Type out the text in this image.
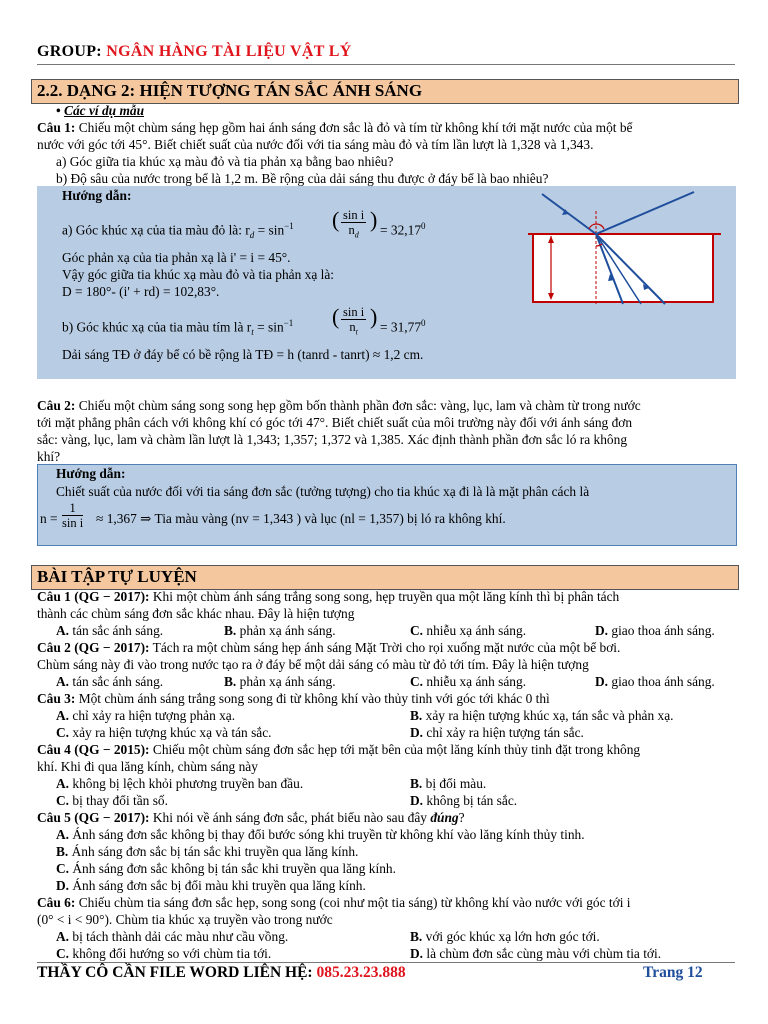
GROUP: NGÂN HÀNG TÀI LIỆU VẬT LÝ
2.2. DẠNG 2: HIỆN TƯỢNG TÁN SẮC ÁNH SÁNG
• Các ví dụ mẫu
Câu 1: Chiếu một chùm sáng hẹp gồm hai ánh sáng đơn sắc là đỏ và tím từ không khí tới mặt nước của một bể
nước với góc tới 45°. Biết chiết suất của nước đối với tia sáng màu đỏ và tím lần lượt là 1,328 và 1,343.
a) Góc giữa tia khúc xạ màu đỏ và tia phản xạ bằng bao nhiêu?
b) Độ sâu của nước trong bể là 1,2 m. Bề rộng của dải sáng thu được ở đáy bể là bao nhiêu?
Hướng dẫn:
a) Góc khúc xạ của tia màu đỏ là: $r_d = \sin^{-1}$ ( $\frac{\text{sin i}}{n_d}$ ) = $32,17^0$
Góc phản xạ của tia phản xạ là i' = i = 45°.
Vậy góc giữa tia khúc xạ màu đỏ và tia phản xạ là:
D = 180°- (i' + rd) = 102,83°.
b) Góc khúc xạ của tia màu tím là $r_t = \sin^{-1}$ ( $\frac{\text{sin i}}{n_t}$ ) = $31,77^0$
Dải sáng TĐ ở đáy bể có bề rộng là TĐ = h (tanrd - tanrt) ≈ 1,2 cm.
Câu 2: Chiếu một chùm sáng song song hẹp gồm bốn thành phần đơn sắc: vàng, lục, lam và chàm từ trong nước
tới mặt phẳng phân cách với không khí có góc tới 47°. Biết chiết suất của môi trường này đối với ánh sáng đơn
sắc: vàng, lục, lam và chàm lần lượt là 1,343; 1,357; 1,372 và 1,385. Xác định thành phần đơn sắc ló ra không
khí?
Hướng dẫn:
Chiết suất của nước đối với tia sáng đơn sắc (tưởng tượng) cho tia khúc xạ đi là là mặt phân cách là
$n = \frac{1}{\text{sin i}} \approx 1,367$ ⇒ Tia màu vàng (nv = 1,343 ) và lục (nl = 1,357) bị ló ra không khí.
BÀI TẬP TỰ LUYỆN
Câu 1 (QG − 2017): Khi một chùm ánh sáng trắng song song, hẹp truyền qua một lăng kính thì bị phân tách
thành các chùm sáng đơn sắc khác nhau. Đây là hiện tượng
A. tán sắc ánh sáng.	B. phản xạ ánh sáng.	C. nhiễu xạ ánh sáng.	D. giao thoa ánh sáng.
Câu 2 (QG − 2017): Tách ra một chùm sáng hẹp ánh sáng Mặt Trời cho rọi xuống mặt nước của một bể bơi.
Chùm sáng này đi vào trong nước tạo ra ở đáy bể một dải sáng có màu từ đỏ tới tím. Đây là hiện tượng
A. tán sắc ánh sáng.	B. phản xạ ánh sáng.	C. nhiễu xạ ánh sáng.	D. giao thoa ánh sáng.
Câu 3: Một chùm ánh sáng trắng song song đi từ không khí vào thủy tinh với góc tới khác 0 thì
A. chỉ xảy ra hiện tượng phản xạ.	B. xảy ra hiện tượng khúc xạ, tán sắc và phản xạ.
C. xảy ra hiện tượng khúc xạ và tán sắc.	D. chỉ xảy ra hiện tượng tán sắc.
Câu 4 (QG − 2015): Chiếu một chùm sáng đơn sắc hẹp tới mặt bên của một lăng kính thủy tinh đặt trong không
khí. Khi đi qua lăng kính, chùm sáng này
A. không bị lệch khỏi phương truyền ban đầu.	B. bị đổi màu.
C. bị thay đổi tần số.	D. không bị tán sắc.
Câu 5 (QG − 2017): Khi nói về ánh sáng đơn sắc, phát biểu nào sau đây đúng?
A. Ánh sáng đơn sắc không bị thay đổi bước sóng khi truyền từ không khí vào lăng kính thủy tinh.
B. Ánh sáng đơn sắc bị tán sắc khi truyền qua lăng kính.
C. Ánh sáng đơn sắc không bị tán sắc khi truyền qua lăng kính.
D. Ánh sáng đơn sắc bị đổi màu khi truyền qua lăng kính.
Câu 6: Chiếu chùm tia sáng đơn sắc hẹp, song song (coi như một tia sáng) từ không khí vào nước với góc tới i
(0° < i < 90°). Chùm tia khúc xạ truyền vào trong nước
A. bị tách thành dải các màu như cầu vồng.	B. với góc khúc xạ lớn hơn góc tới.
C. không đổi hướng so với chùm tia tới.	D. là chùm đơn sắc cùng màu với chùm tia tới.
THẦY CÔ CẦN FILE WORD LIÊN HỆ: 085.23.23.888	Trang 12
